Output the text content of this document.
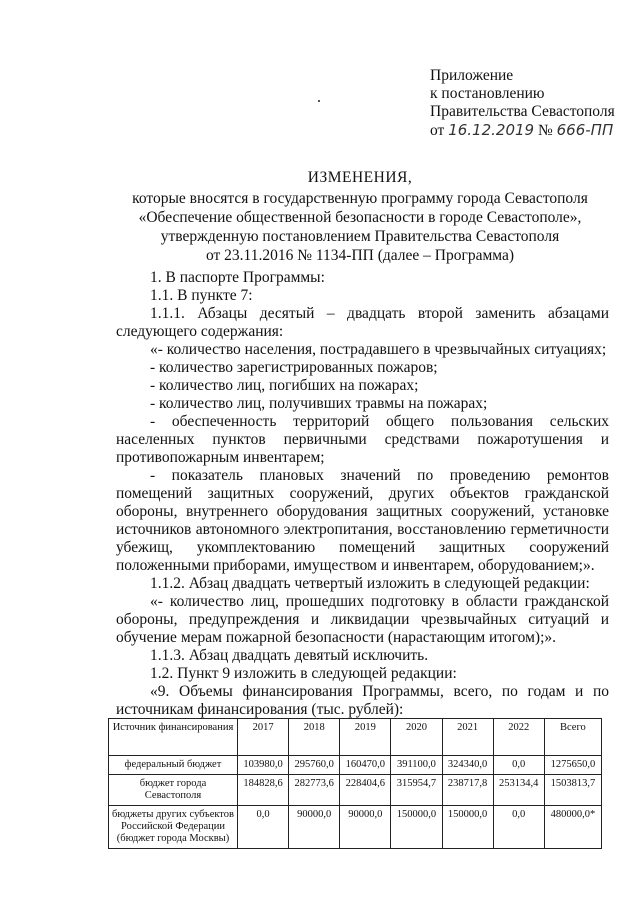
Приложение
к постановлению
Правительства Севастополя
от 16.12.2019 № 666-ПП
ИЗМЕНЕНИЯ,
которые вносятся в государственную программу города Севастополя
«Обеспечение общественной безопасности в городе Севастополе»,
утвержденную постановлением Правительства Севастополя
от 23.11.2016 № 1134-ПП (далее – Программа)

1. В паспорте Программы:

1.1. В пункте 7:

1.1.1. Абзацы десятый – двадцать второй заменить абзацами следующего содержания:

«- количество населения, пострадавшего в чрезвычайных ситуациях;

- количество зарегистрированных пожаров;

- количество лиц, погибших на пожарах;

- количество лиц, получивших травмы на пожарах;

- обеспеченность территорий общего пользования сельских населенных пунктов первичными средствами пожаротушения и противопожарным инвентарем;

- показатель плановых значений по проведению ремонтов помещений защитных сооружений, других объектов гражданской обороны, внутреннего оборудования защитных сооружений, установке источников автономного электропитания, восстановлению герметичности убежищ, укомплектованию помещений защитных сооружений положенными приборами, имуществом и инвентарем, оборудованием;».

1.1.2. Абзац двадцать четвертый изложить в следующей редакции:

«- количество лиц, прошедших подготовку в области гражданской обороны, предупреждения и ликвидации чрезвычайных ситуаций и обучение мерам пожарной безопасности (нарастающим итогом);».

1.1.3. Абзац двадцать девятый исключить.

1.2. Пункт 9 изложить в следующей редакции:

«9. Объемы финансирования Программы, всего, по годам и по источникам финансирования (тыс. рублей):

Источник финансирования	2017	2018	2019	2020	2021	2022	Всего
федеральный бюджет	103980,0	295760,0	160470,0	391100,0	324340,0	0,0	1275650,0
бюджет города Севастополя	184828,6	282773,6	228404,6	315954,7	238717,8	253134,4	1503813,7
бюджеты других субъектов Российской Федерации (бюджет города Москвы)	0,0	90000,0	90000,0	150000,0	150000,0	0,0	480000,0*
